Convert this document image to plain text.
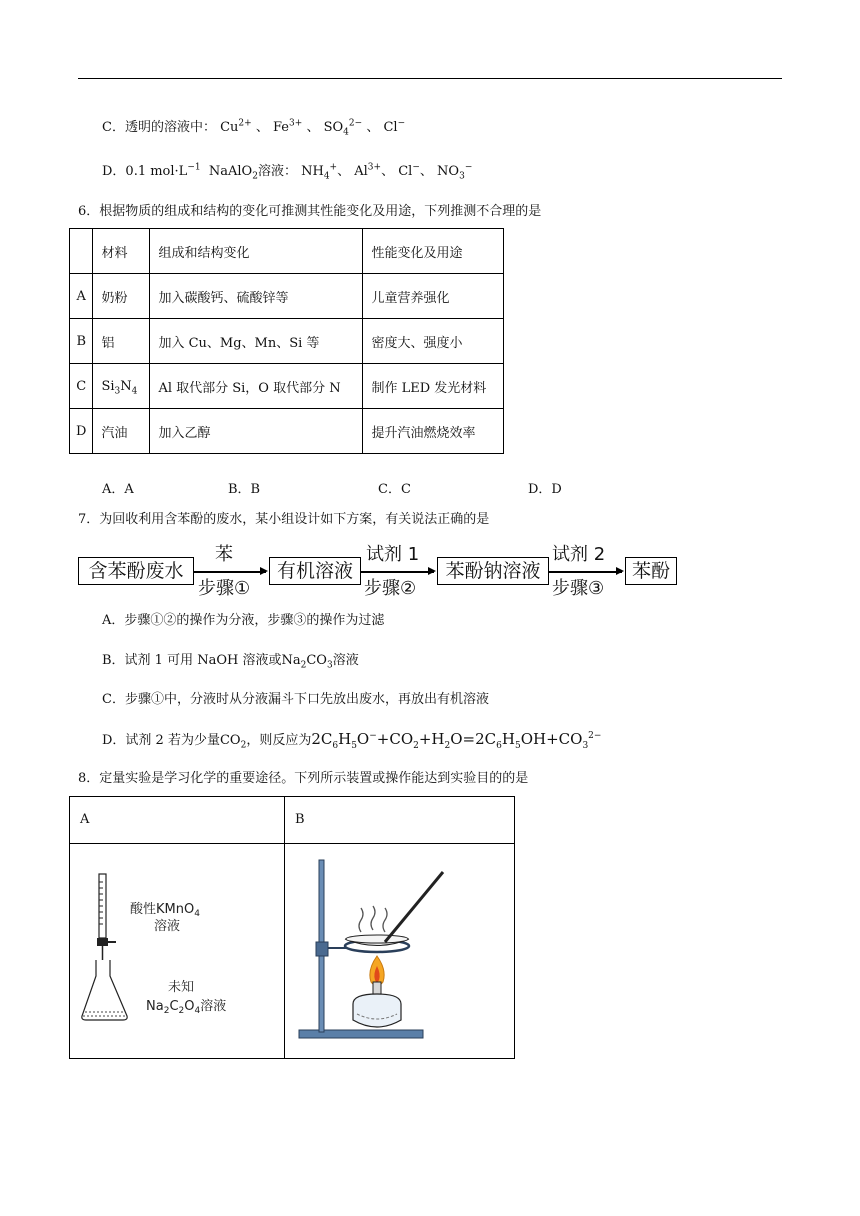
C．透明的溶液中： $Cu^{2+}$ 、 $Fe^{3+}$ 、 $SO_4^{2-}$ 、 Cl−
D．0.1 $mol\cdot L^{-1}$ NaAlO$_2$溶液： $NH_4^+$、 $Al^{3+}$、 Cl−、 $NO_3^-$
6．根据物质的组成和结构的变化可推测其性能变化及用途，下列推测不合理的是
	材料	组成和结构变化	性能变化及用途
A	奶粉	加入碳酸钙、硫酸锌等	儿童营养强化
B	铝	加入 Cu、Mg、Mn、Si 等	密度大、强度小
C	$Si_3N_4$	Al 取代部分 Si，O 取代部分 N	制作 LED 发光材料
D	汽油	加入乙醇	提升汽油燃烧效率
A．A	B．B	C．C	D．D
7．为回收利用含苯酚的废水，某小组设计如下方案，有关说法正确的是
含苯酚废水
苯
步骤①
有机溶液
试剂 1
步骤②
苯酚钠溶液
试剂 2
步骤③
苯酚
A．步骤①②的操作为分液，步骤③的操作为过滤
B．试剂 1 可用 NaOH 溶液或$Na_2CO_3$溶液
C．步骤①中，分液时从分液漏斗下口先放出废水，再放出有机溶液
D．试剂 2 若为少量$CO_2$，则反应为$2C_6H_5O^-+CO_2+H_2O=2C_6H_5OH+CO_3^{2-}$
8．定量实验是学习化学的重要途径。下列所示装置或操作能达到实验目的的是
A	B

酸性KMnO$_4$
溶液
未知
$Na_2C_2O_4$溶液
